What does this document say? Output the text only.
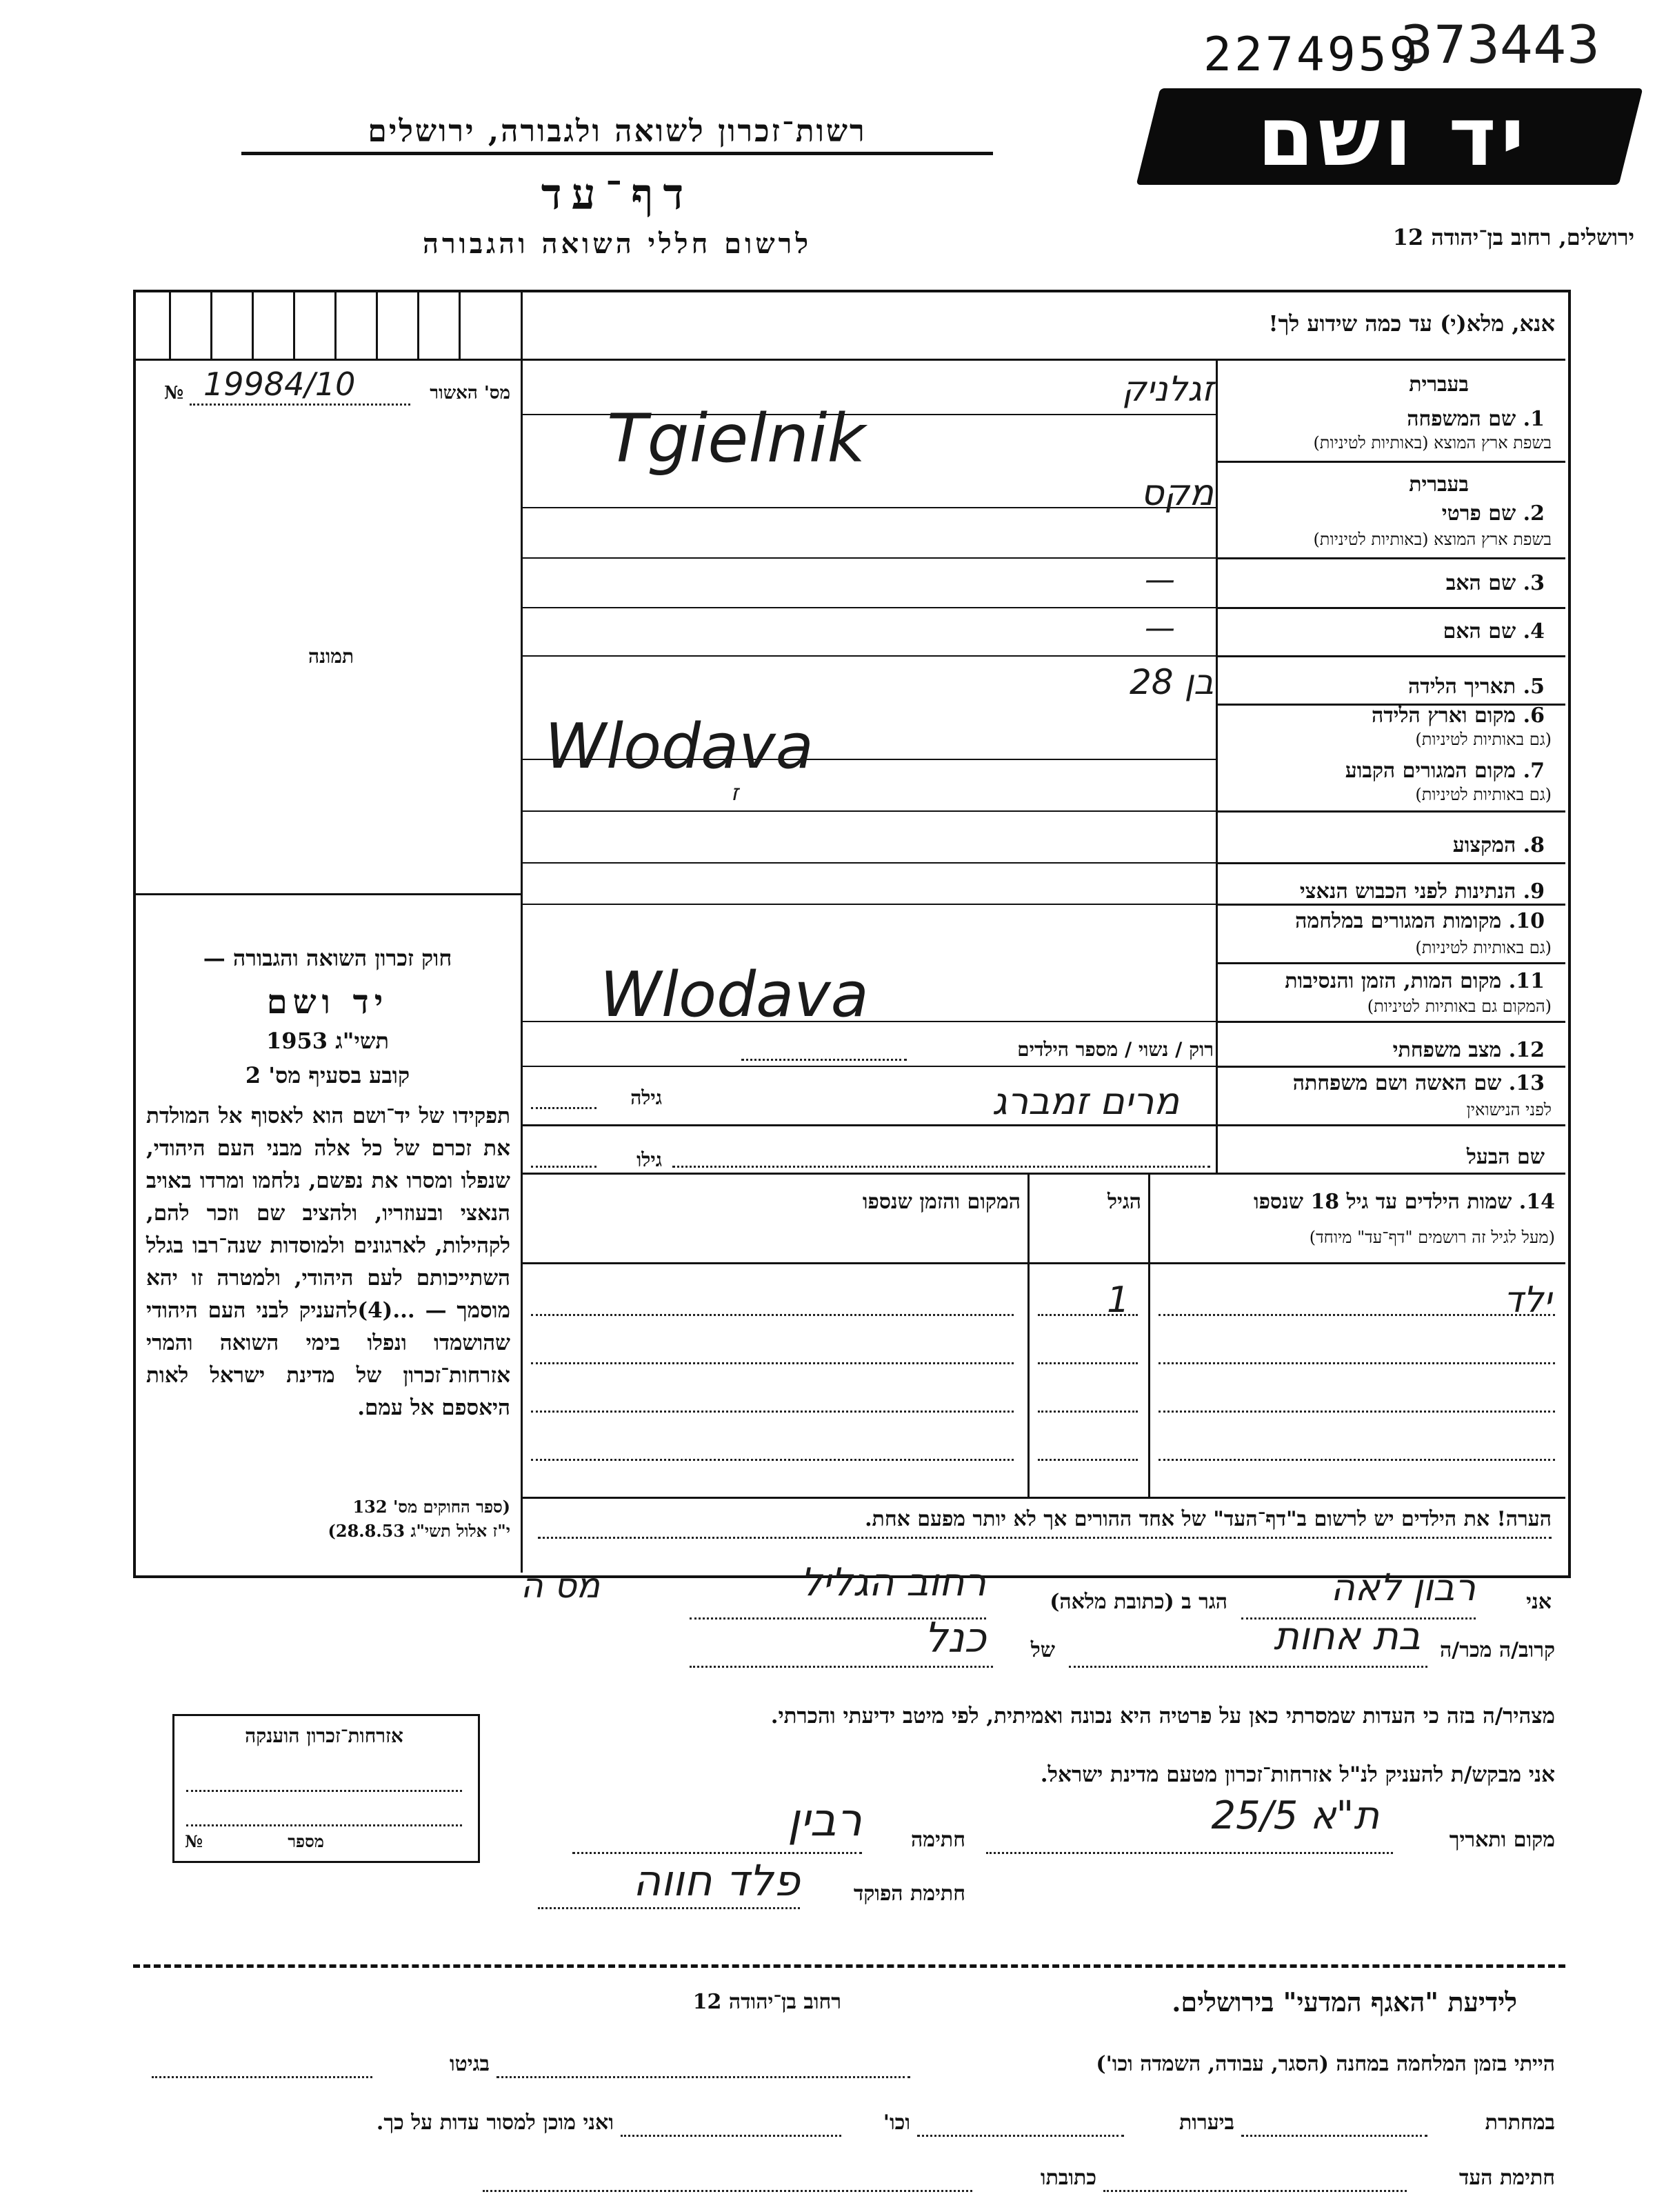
2274959
373443
יד ושם
ירושלים, רחוב בן־יהודה 12
רשות־זכרון לשואה ולגבורה, ירושלים
דף־עד
לרשום חללי השואה והגבורה
אנא, מלא(י) עד כמה שידוע לך!
מס' האשור
19984/10
№
תמונה
חוק זכרון השואה והגבורה —
יד ושם
תשי"ג 1953
קובע בסעיף מס' 2
תפקידו של יד־ושם הוא לאסוף אל המולדת את זכרם של כל אלה מבני העם היהודי, שנפלו ומסרו את נפשם, נלחמו ומרדו באויב הנאצי ובעוזריו, ולהציב שם וזכר להם, לקהילות, לארגונים ולמוסדות שנה־רבו בגלל השתייכותם לעם היהודי, ולמטרה זו יהא מוסמך — ...(4)להעניק לבני העם היהודי שהושמדו ונפלו בימי השואה והמרי אזרחות־זכרון של מדינת ישראל לאות היאספם אל עמם.
(ספר החוקים מס' 132
י"ז אלול תשי"ג 28.8.53)
1. שם המשפחה
בעברית
בשפת ארץ המוצא (באותיות לטיניות)
בעברית
2. שם פרטי
בשפת ארץ המוצא (באותיות לטיניות)
3. שם האב
4. שם האם
5. תאריך הלידה
6. מקום וארץ הלידה
(גם באותיות לטיניות)
7. מקום המגורים הקבוע
(גם באותיות לטיניות)
8. המקצוע
9. הנתינות לפני הכבוש הנאצי
10. מקומות המגורים במלחמה
(גם באותיות לטיניות)
11. מקום המות, הזמן והנסיבות
(המקום גם באותיות לטיניות)
12. מצב משפחתי
13. שם האשה ושם משפחתה
לפני הנישואין
שם הבעל
רוק / נשוי / מספר הילדים
גילה
גילו
זגלניק
Tgielnik
מקס
—
—
בן 28
Wlodava
ז
Wlodava
מרים זמברג
14. שמות הילדים עד גיל 18 שנספו
(מעל לגיל זה רושמים "דף־עד" מיוחד)
הגיל
המקום והזמן שנספו
ילד
1
הערה! את הילדים יש לרשום ב"דף־העד" של אחד ההורים אך לא יותר מפעם אחת.
אני
רבון לאה
הגר ב (כתובת מלאה)
רחוב הגליל
מס ה
קרוב/ה מכר/ה
בת אחות
של
כנל
מצהיר/ה בזה כי העדות שמסרתי כאן על פרטיה היא נכונה ואמיתית, לפי מיטב ידיעתי והכרתי.
אני מבקש/ת להעניק לנ"ל אזרחות־זכרון מטעם מדינת ישראל.
מקום ותאריך
ת"א 25/5
חתימה
רבין
חתימת הפוקד
פלד חווה
אזרחות־זכרון הוענקה
מספר
№
לידיעת "האגף המדעי" בירושלים.
רחוב בן־יהודה 12
הייתי בזמן המלחמה במחנה (הסגר, עבודה, השמדה וכו')
בגיטו
במחתרת
ביערות
וכו'
ואני מוכן למסור עדות על כך.
חתימת העד
כתובתו
